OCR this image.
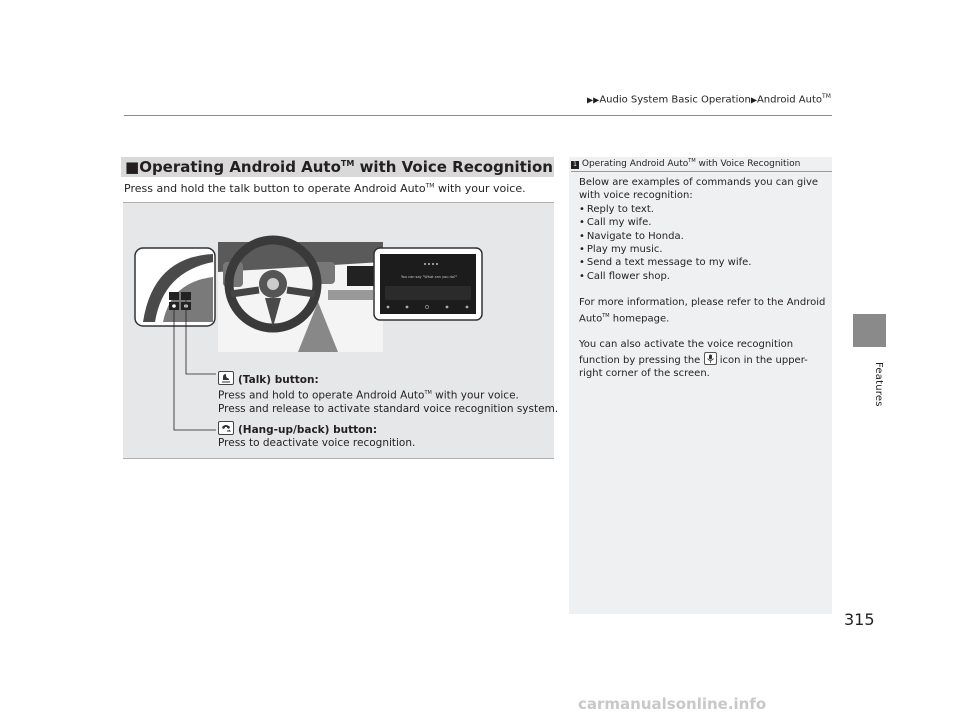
▶▶Audio System Basic Operation▶Android Auto™
Features
■Operating Android Auto™ with Voice Recognition
Press and hold the talk button to operate Android Auto™ with your voice.
You can say "What can you do?"
(Talk) button:
Press and hold to operate Android Auto™ with your voice.
Press and release to activate standard voice recognition system.
(Hang-up/back) button:
Press to deactivate voice recognition.
1 Operating Android Auto™ with Voice Recognition

Below are examples of commands you can give with voice recognition:

• Reply to text.

• Call my wife.

• Navigate to Honda.

• Play my music.

• Send a text message to my wife.

• Call flower shop.

For more information, please refer to the Android Auto™ homepage.

You can also activate the voice recognition function by pressing the
icon in the upper-right corner of the screen.

315
carmanualsonline.info
